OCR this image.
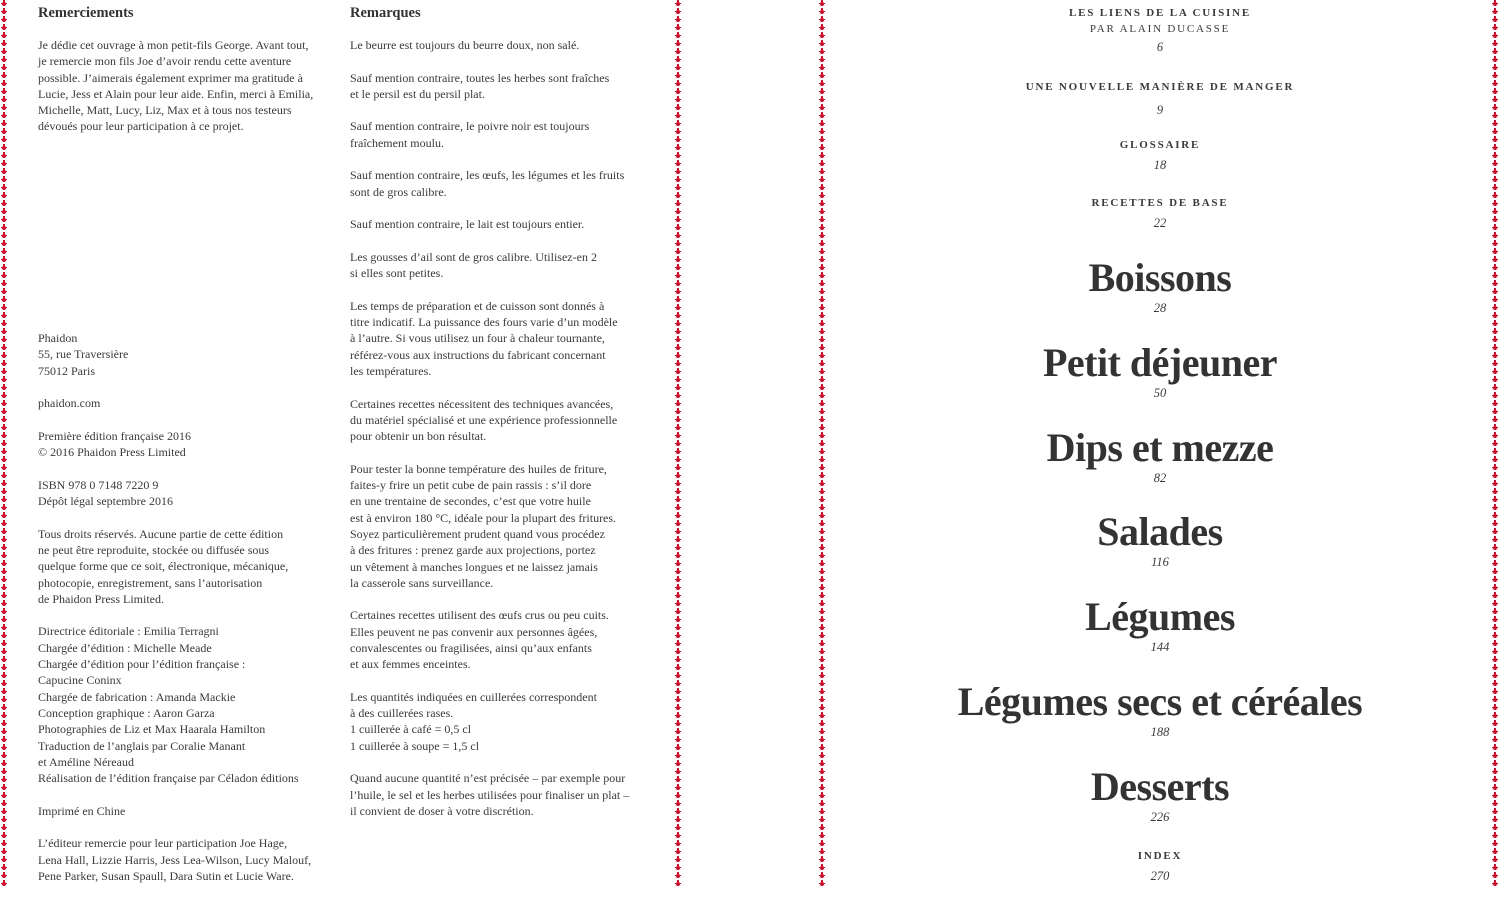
Remerciements

Je dédie cet ouvrage à mon petit-fils George. Avant tout,
je remercie mon fils Joe d’avoir rendu cette aventure
possible. J’aimerais également exprimer ma gratitude à
Lucie, Jess et Alain pour leur aide. Enfin, merci à Emilia,
Michelle, Matt, Lucy, Liz, Max et à tous nos testeurs
dévoués pour leur participation à ce projet.

Phaidon
55, rue Traversière
75012 Paris

phaidon.com

Première édition française 2016
© 2016 Phaidon Press Limited

ISBN 978 0 7148 7220 9
Dépôt légal septembre 2016

Tous droits réservés. Aucune partie de cette édition
ne peut être reproduite, stockée ou diffusée sous
quelque forme que ce soit, électronique, mécanique,
photocopie, enregistrement, sans l’autorisation
de Phaidon Press Limited.

Directrice éditoriale : Emilia Terragni
Chargée d’édition : Michelle Meade
Chargée d’édition pour l’édition française :
Capucine Coninx
Chargée de fabrication : Amanda Mackie
Conception graphique : Aaron Garza
Photographies de Liz et Max Haarala Hamilton
Traduction de l’anglais par Coralie Manant
et Améline Néreaud
Réalisation de l’édition française par Céladon éditions

Imprimé en Chine

L’éditeur remercie pour leur participation Joe Hage,
Lena Hall, Lizzie Harris, Jess Lea-Wilson, Lucy Malouf,
Pene Parker, Susan Spaull, Dara Sutin et Lucie Ware.

Remarques

Le beurre est toujours du beurre doux, non salé.

Sauf mention contraire, toutes les herbes sont fraîches
et le persil est du persil plat.

Sauf mention contraire, le poivre noir est toujours
fraîchement moulu.

Sauf mention contraire, les œufs, les légumes et les fruits
sont de gros calibre.

Sauf mention contraire, le lait est toujours entier.

Les gousses d’ail sont de gros calibre. Utilisez-en 2
si elles sont petites.

Les temps de préparation et de cuisson sont donnés à
titre indicatif. La puissance des fours varie d’un modèle
à l’autre. Si vous utilisez un four à chaleur tournante,
référez-vous aux instructions du fabricant concernant
les températures.

Certaines recettes nécessitent des techniques avancées,
du matériel spécialisé et une expérience professionnelle
pour obtenir un bon résultat.

Pour tester la bonne température des huiles de friture,
faites-y frire un petit cube de pain rassis : s’il dore
en une trentaine de secondes, c’est que votre huile
est à environ 180 °C, idéale pour la plupart des fritures.
Soyez particulièrement prudent quand vous procédez
à des fritures : prenez garde aux projections, portez
un vêtement à manches longues et ne laissez jamais
la casserole sans surveillance.

Certaines recettes utilisent des œufs crus ou peu cuits.
Elles peuvent ne pas convenir aux personnes âgées,
convalescentes ou fragilisées, ainsi qu’aux enfants
et aux femmes enceintes.

Les quantités indiquées en cuillerées correspondent
à des cuillerées rases.
1 cuillerée à café = 0,5 cl
1 cuillerée à soupe = 1,5 cl

Quand aucune quantité n’est précisée – par exemple pour
l’huile, le sel et les herbes utilisées pour finaliser un plat –
il convient de doser à votre discrétion.

LES LIENS DE LA CUISINE
PAR ALAIN DUCASSE
6
UNE NOUVELLE MANIÈRE DE MANGER
9
GLOSSAIRE
18
RECETTES DE BASE
22
Boissons
28
Petit déjeuner
50
Dips et mezze
82
Salades
116
Légumes
144
Légumes secs et céréales
188
Desserts
226
INDEX
270
